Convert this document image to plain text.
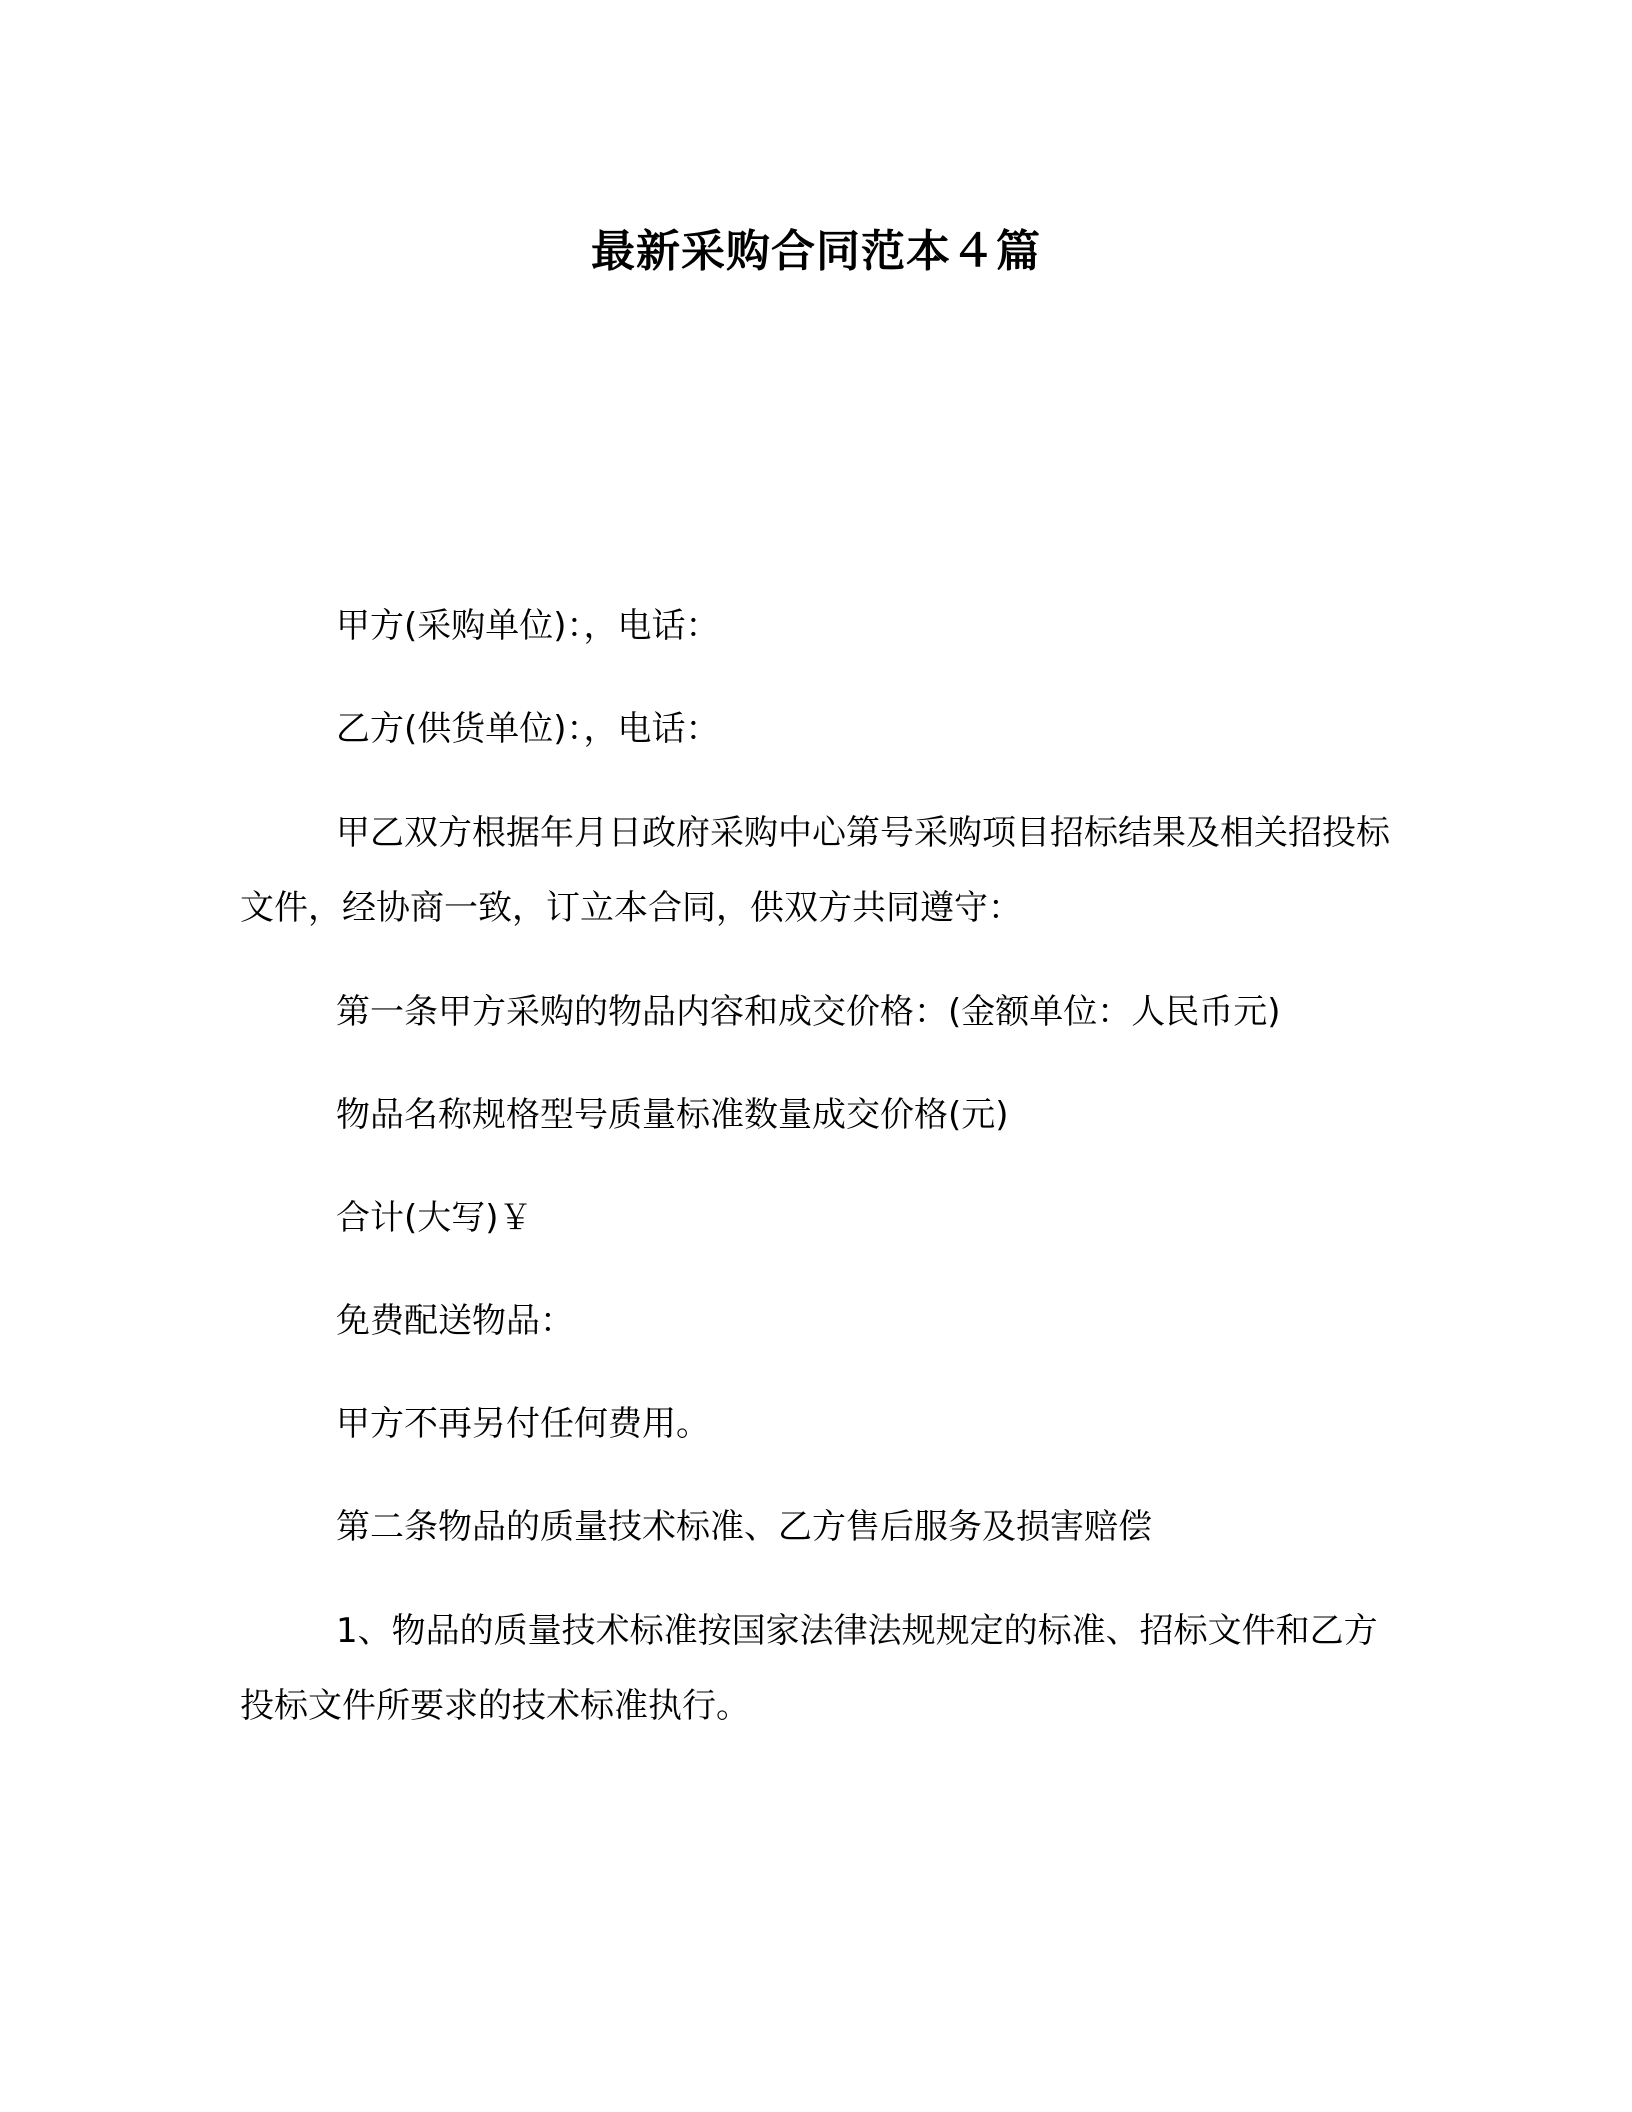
最新采购合同范本４篇

甲方(采购单位)：，电话：

乙方(供货单位)：，电话：

甲乙双方根据年月日政府采购中心第号采购项目招标结果及相关招投标文件，经协商一致，订立本合同，供双方共同遵守：

第一条甲方采购的物品内容和成交价格：(金额单位：人民币元)

物品名称规格型号质量标准数量成交价格(元)

合计(大写)￥

免费配送物品：

甲方不再另付任何费用。

第二条物品的质量技术标准、乙方售后服务及损害赔偿

1、物品的质量技术标准按国家法律法规规定的标准、招标文件和乙方投标文件所要求的技术标准执行。
